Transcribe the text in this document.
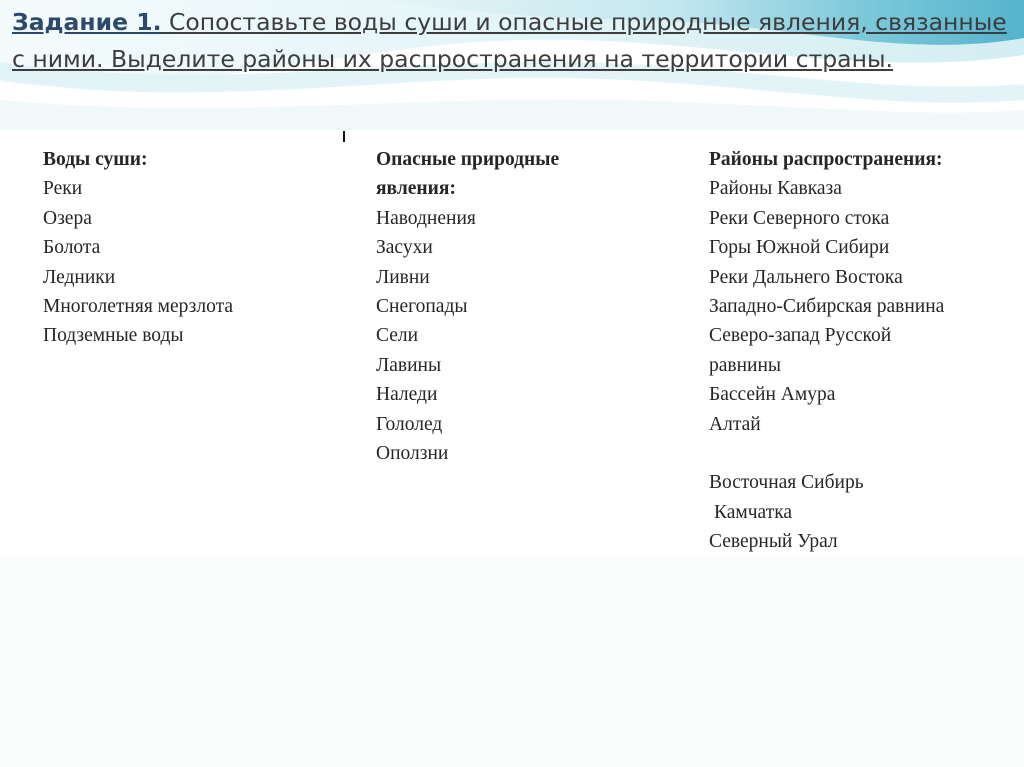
Задание 1. Сопоставьте воды суши и опасные природные явления, связанные с ними. Выделите районы их распространения на территории страны.
Воды суши:
Реки
Озера
Болота
Ледники
Многолетняя мерзлота
Подземные воды
Опасные природные явления:
Наводнения
Засухи
Ливни
Снегопады
Сели
Лавины
Наледи
Гололед
Оползни
Районы распространения:
Районы Кавказа
Реки Северного стока
Горы Южной Сибири
Реки Дальнего Востока
Западно-Сибирская равнина
Северо-запад Русской равнины
Бассейн Амура
Алтай
Восточная Сибирь
Камчатка
Северный Урал
